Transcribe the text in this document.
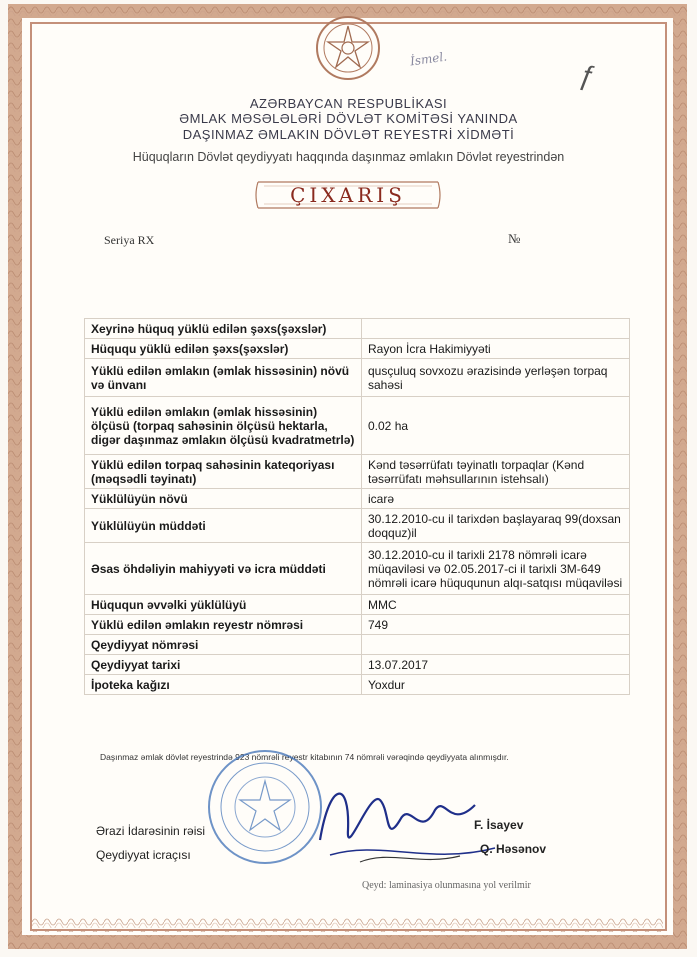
İsmel.	ƒ
AZƏRBAYCAN RESPUBLİKASI
ƏMLAK MƏSƏLƏLƏRİ DÖVLƏT KOMİTƏSİ YANINDA
DAŞINMAZ ƏMLAKIN DÖVLƏT REYESTRİ XİDMƏTİ
Hüquqların Dövlət qeydiyyatı haqqında daşınmaz əmlakın Dövlət reyestrindən
ÇIXARIŞ
Seriya RX	№
Xeyrinə hüquq yüklü edilən şəxs(şəxslər)	
Hüququ yüklü edilən şəxs(şəxslər)	Rayon İcra Hakimiyyəti
Yüklü edilən əmlakın (əmlak hissəsinin) növü və ünvanı	qusçuluq sovxozu ərazisində yerləşən torpaq sahəsi
Yüklü edilən əmlakın (əmlak hissəsinin) ölçüsü (torpaq sahəsinin ölçüsü hektarla, digər daşınmaz əmlakın ölçüsü kvadratmetrlə)	0.02 ha
Yüklü edilən torpaq sahəsinin kateqoriyası (məqsədli təyinatı)	Kənd təsərrüfatı təyinatlı torpaqlar (Kənd təsərrüfatı məhsullarının istehsalı)
Yüklülüyün növü	icarə
Yüklülüyün müddəti	30.12.2010-cu il tarixdən başlayaraq 99(doxsan doqquz)il
Əsas öhdəliyin mahiyyəti və icra müddəti	30.12.2010-cu il tarixli 2178 nömrəli icarə müqaviləsi və 02.05.2017-ci il tarixli 3M-649 nömrəli icarə hüququnun alqı-satqısı müqaviləsi
Hüququn əvvəlki yüklülüyü	MMC
Yüklü edilən əmlakın reyestr nömrəsi	749
Qeydiyyat nömrəsi	
Qeydiyyat tarixi	13.07.2017
İpoteka kağızı	Yoxdur
Daşınmaz əmlak dövlət reyestrində 923 nömrəli reyestr kitabının 74 nömrəli vərəqində qeydiyyata alınmışdır.
Ərazi İdarəsinin rəisi
Qeydiyyat icraçısı
F. İsayev
Q. Həsənov
Qeyd: laminasiya olunmasına yol verilmir
